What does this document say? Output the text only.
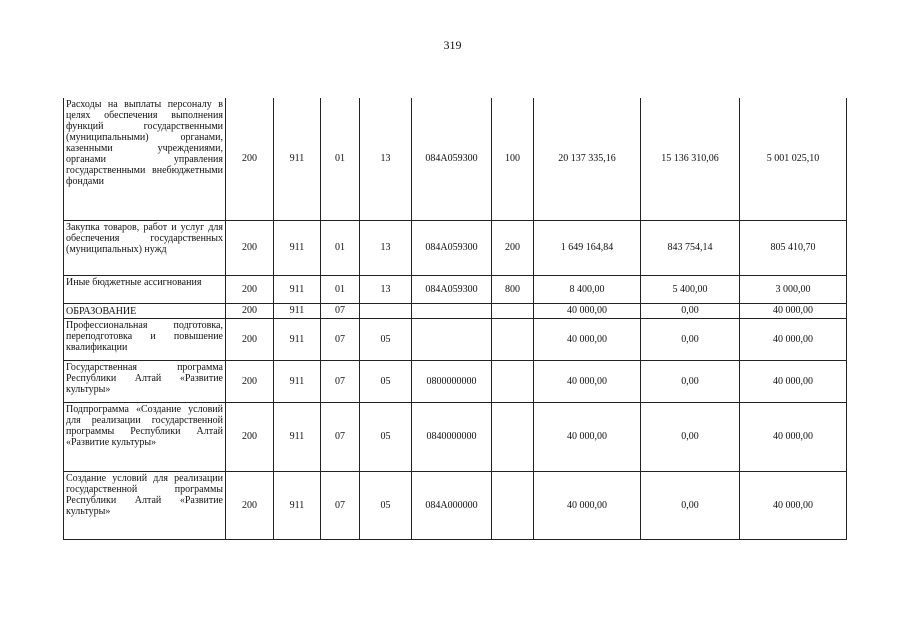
319
Расходы на выплаты персоналу в целях обеспечения выполнения функций государственными (муниципальными) органами, казенными учреждениями, органами управления государственными внебюджетными фондами	200	911	01	13	084A059300	100	20 137 335,16	15 136 310,06	5 001 025,10
Закупка товаров, работ и услуг для обеспечения государственных (муниципальных) нужд	200	911	01	13	084A059300	200	1 649 164,84	843 754,14	805 410,70
Иные бюджетные ассигнования	200	911	01	13	084A059300	800	8 400,00	5 400,00	3 000,00
ОБРАЗОВАНИЕ	200	911	07				40 000,00	0,00	40 000,00
Профессиональная подготовка, переподготовка и повышение квалификации	200	911	07	05			40 000,00	0,00	40 000,00
Государственная программа Республики Алтай «Развитие культуры»	200	911	07	05	0800000000		40 000,00	0,00	40 000,00
Подпрограмма «Создание условий для реализации государственной программы Республики Алтай «Развитие культуры»	200	911	07	05	0840000000		40 000,00	0,00	40 000,00
Создание условий для реализации государственной программы Республики Алтай «Развитие культуры»	200	911	07	05	084A000000		40 000,00	0,00	40 000,00
